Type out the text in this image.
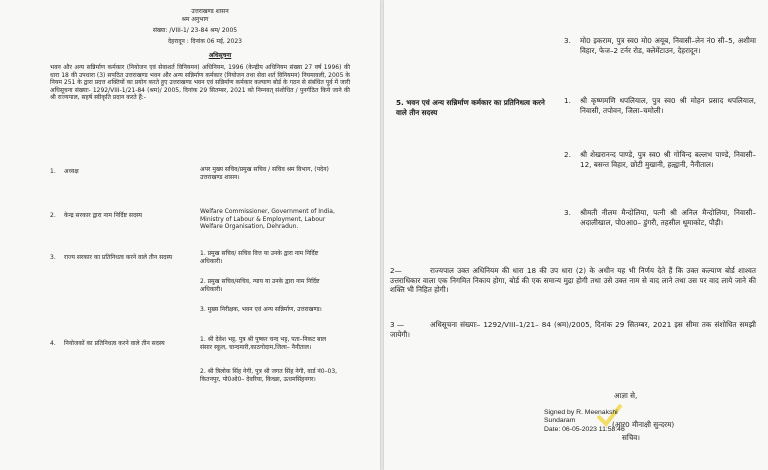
उत्तराखण्ड शासन
श्रम अनुभाग
संख्या: /VIII-1/ 23-84 श्रम/ 2005
देहरादून : दिनांक 06 मई, 2023
अधिसूचना
भवन और अन्य सन्निर्माण कर्मकार (नियोजन एवं सेवाशर्त विनियमन) अधिनियम, 1996 (केन्द्रीय अधिनियम संख्या 27 वर्ष 1996) की धारा 18 की उपधारा (3) सपठित उत्तराखण्ड भवन और अन्य सन्निर्माण कर्मकार (नियोजन तथा सेवा शर्त विनियमन) नियमावली, 2005 के नियम 251 के द्वारा प्रदत्त शक्तियों का प्रयोग करते हुए उत्तराखण्ड भवन एवं सन्निर्माण कर्मकार कल्याण बोर्ड के गठन से संबंधित पूर्व में जारी अधिसूचना संख्याः- 1292/VIII-1/21-84 (श्रम)/ 2005, दिनांक 29 सितम्बर, 2021 को निम्नवत् संशोधित / पुनर्गठित किये जाने की श्री राज्यपाल, सहर्ष स्वीकृति प्रदान करते हैं:-
1.	अध्यक्ष	अपर मुख्य सचिव/प्रमुख सचिव / सचिव श्रम विभाग, (पदेन) उत्तराखण्ड शासन।
2.	केन्द्र सरकार द्वारा नाम निर्दिष्ट सदस्य
Welfare Commissioner, Government of India, Ministry of Labour & Employment, Labour Welfare Organisation, Dehradun.
3.	राज्य सरकार का प्रतिनिधत्व करने वाले तीन सदस्य
1. प्रमुख सचिव/ सचिव वित्त या उनके द्वारा नाम निर्दिष्ट अधिकारी।
2. प्रमुख सचिव/सचिव, न्याय या उनके द्वारा नाम निर्दिष्ट अधिकारी।
3. मुख्य निरीक्षक, भवन एवं अन्य सन्निर्माण, उत्तराखण्ड।
4.	नियोजकों का प्रतिनिधत्व करने वाले तीन सदस्य
1. श्री देवेश भट्ट, पुत्र श्री पुष्कर चन्द भट्ट, पता–निकट बाल संसार स्कूल, चान्दमारी,काठगोदाम,जिला– नैनीताल।
2. श्री त्रिलोक सिंह नेगी, पुत्र श्री जगत सिंह नेगी, वार्ड नं0–03, कितनपुर, पो0ओ0– देवरिया, किच्छा, ऊधमसिंहनगर।
3.	मो0 इकराम, पुत्र स्व0 मो0 अयूब, निवासी–लेन नं0 सी–5, अशीमा विहार, फेज–2 टर्नर रोड, क्लेमेंटाउन, देहरादून।
5. भवन एवं अन्य सन्निर्माण कर्मकार का प्रतिनिधत्व करने वाले तीन सदस्य
1.	श्री कृष्णमणि थपलियाल, पुत्र स्व0 श्री मोहन प्रसाद थपलियाल, निवासी, तपोवन, जिला–चमोली।
2.	श्री शेखरानन्द पाण्डे, पुत्र स्व0 श्री गोविन्द बल्लभ पाण्डे, निवासी–12, बसन्त विहार, छोटी मुखानी, हल्द्वानी, नैनीताल।
3.	श्रीमती नीलम मैन्दोलिया, पत्नी श्री अनिल मैन्दोलिया, निवासी– अदालीखाल, पो0आ0– डुंगरी, तहसील थूमाकोट, पौड़ी।
2—	राज्यपाल उक्त अधिनियम की धारा 18 की उप धारा (2) के अधीन यह भी निर्णय देते हैं कि उक्त कल्याण बोर्ड शाश्वत उत्तराधिकार वाला एक निगमित निकाय होगा, बोर्ड की एक समान्य मुद्रा होगी तथा उसे उक्त नाम से वाद लाने तथा उस पर वाद लाये जाने की शक्ति भी निहित होगी।
3 —	अधिसूचना संख्याः– 1292/VIII–1/21– 84 (श्रम)/2005, दिनांक 29 सितम्बर, 2021 इस सीमा तक संशोधित समझी जायेगी।
आज्ञा से,
Signed by R. Meenakshi
Sundaram
Date: 06-05-2023 11:58:46
(आर0 मीनाक्षी सुन्दरम)
सचिव।
